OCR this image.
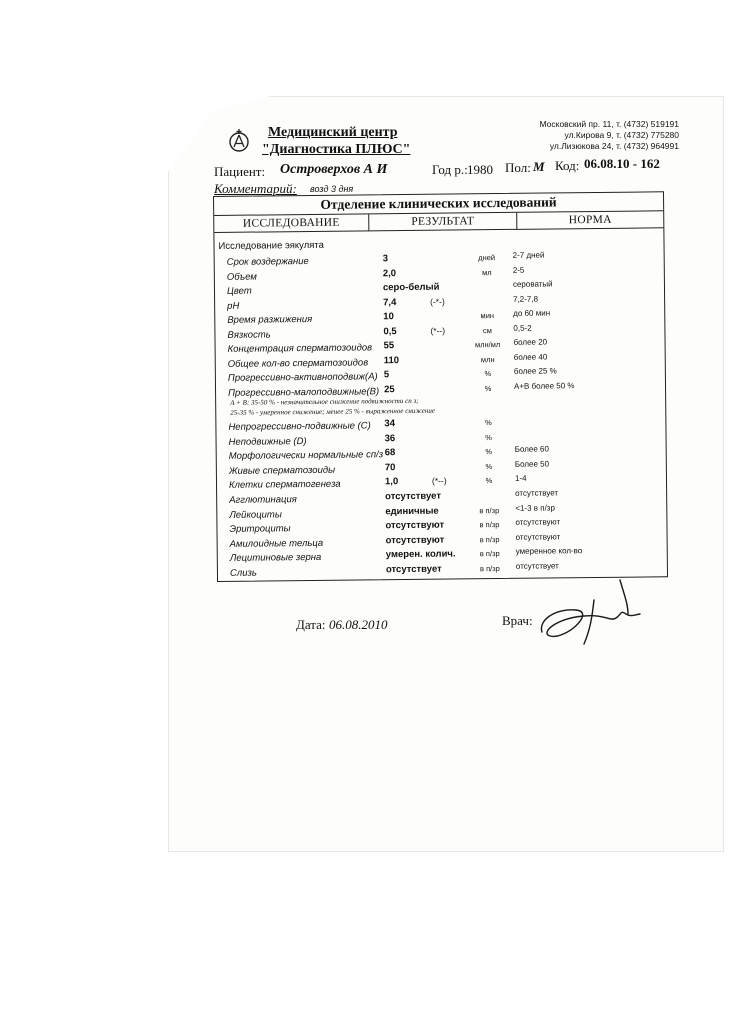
Медицинский центр
"Диагностика ПЛЮС"
Московский пр. 11, т. (4732) 519191
ул.Кирова 9, т. (4732) 775280
ул.Лизюкова 24, т. (4732) 964991
Пациент: Островерхов А И	Год р.: 1980 Пол: М Код: 06.08.10 - 162
Комментарий: возд 3 дня
Отделение клинических исследований
ИССЛЕДОВАНИЕ	РЕЗУЛЬТАТ	НОРМА
Исследование эякулята
Срок воздержание	3	дней	2-7 дней
Объем	2,0	мл	2-5
Цвет	серо-белый	сероватый
pH	7,4	(-*-)	7,2-7,8
Время разжижения	10	мин	до 60 мин
Вязкость	0,5	(*--)	см	0,5-2
Концентрация сперматозоидов 55	млн/мл	более 20
Общее кол-во сперматозоидов 110	млн	более 40
Прогрессивно-активноподвиж(А) 5	%	более 25 %
Прогрессивно-малоподвижные(В) 25	%	А+В более 50 %
А + В: 35-50 % - незначительное снижение подвижности сп з;
25-35 % - умеренное снижение; менее 25 % - выраженное снижение
Непрогрессивно-подвижные (С) 34	%
Неподвижные (D)	36	%
Морфологически нормальные сп/з 68	%	Более 60
Живые сперматозоиды	70	%	Более 50
Клетки сперматогенеза	1,0	(*--)	%	1-4
Агглютинация	отсутствует	отсутствует
Лейкоциты	единичные	в п/зр	<1-3 в п/зр
Эритроциты	отсутствуют	в п/зр	отсутствуют
Амилоидные тельца	отсутствуют	в п/зр	отсутствуют
Лецитиновые зерна	умерен. колич.	в п/зр	умеренное кол-во
Слизь	отсутствует	в п/зр	отсутствует
Дата: 06.08.2010	Врач:
